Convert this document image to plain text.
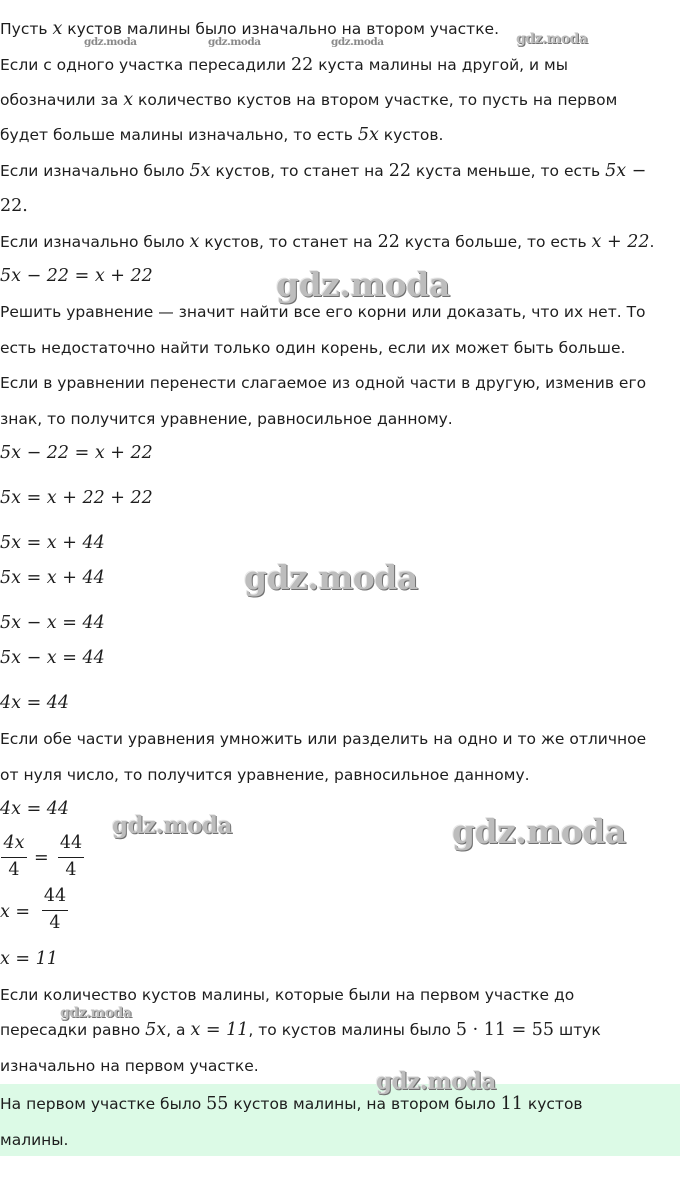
Пусть x кустов малины было изначально на втором участке.
Если с одного участка пересадили 22 куста малины на другой, и мы
обозначили за x количество кустов на втором участке, то пусть на первом
будет больше малины изначально, то есть 5x кустов.
Если изначально было 5x кустов, то станет на 22 куста меньше, то есть 5x −
22.
Если изначально было x кустов, то станет на 22 куста больше, то есть x + 22.
5x − 22 = x + 22
Решить уравнение — значит найти все его корни или доказать, что их нет. То
есть недостаточно найти только один корень, если их может быть больше.
Если в уравнении перенести слагаемое из одной части в другую, изменив его
знак, то получится уравнение, равносильное данному.
5x − 22 = x + 22
5x = x + 22 + 22
5x = x + 44
5x = x + 44
5x − x = 44
5x − x = 44
4x = 44
Если обе части уравнения умножить или разделить на одно и то же отличное
от нуля число, то получится уравнение, равносильное данному.
4x = 44
4x
4
=
44
4
x =
44
4
x = 11
Если количество кустов малины, которые были на первом участке до
пересадки равно 5x, а x = 11, то кустов малины было 5 · 11 = 55 штук
изначально на первом участке.
На первом участке было 55 кустов малины, на втором было 11 кустов
малины.
gdz.moda	gdz.moda	gdz.moda	gdz.moda
gdz.moda
gdz.moda
gdz.moda	gdz.moda
gdz.moda
gdz.moda
